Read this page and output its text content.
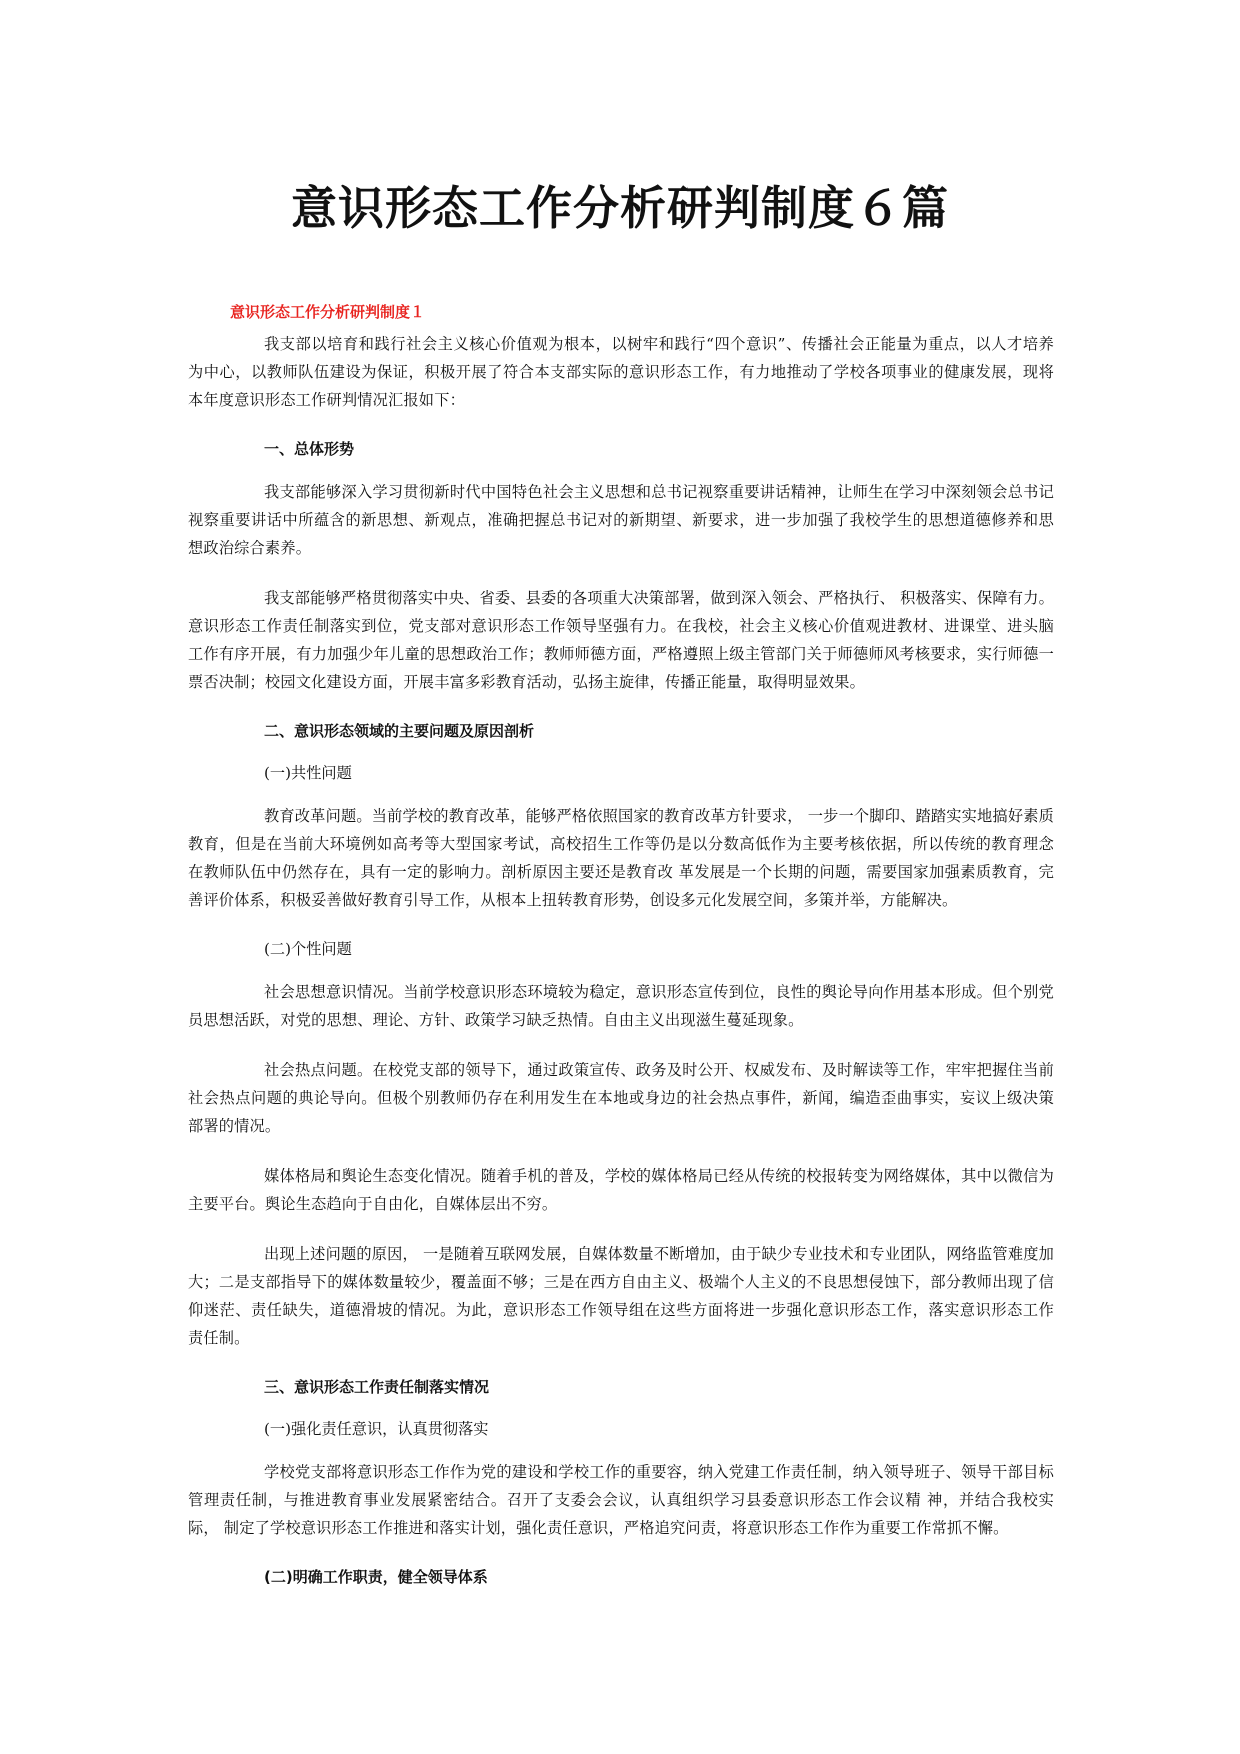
意识形态工作分析研判制度６篇
意识形态工作分析研判制度１

我支部以培育和践行社会主义核心价值观为根本，以树牢和践行“四个意识”、传播社会正能量为重点，以人才培养 为中心，以教师队伍建设为保证，积极开展了符合本支部实际的意识形态工作，有力地推动了学校各项事业的健康发展，现将 本年度意识形态工作研判情况汇报如下：

一、总体形势

我支部能够深入学习贯彻新时代中国特色社会主义思想和总书记视察重要讲话精神，让师生在学习中深刻领会总书记 视察重要讲话中所蕴含的新思想、新观点，准确把握总书记对的新期望、新要求，进一步加强了我校学生的思想道德修养和思 想政治综合素养。

我支部能够严格贯彻落实中央、省委、县委的各项重大决策部署，做到深入领会、严格执行、 积极落实、保障有力。 意识形态工作责任制落实到位，党支部对意识形态工作领导坚强有力。在我校，社会主义核心价值观进教材、进课堂、进头脑 工作有序开展，有力加强少年儿童的思想政治工作；教师师德方面，严格遵照上级主管部门关于师德师风考核要求，实行师德一 票否决制；校园文化建设方面，开展丰富多彩教育活动，弘扬主旋律，传播正能量，取得明显效果。

二、意识形态领域的主要问题及原因剖析
(一)共性问题

教育改革问题。当前学校的教育改革，能够严格依照国家的教育改革方针要求， 一步一个脚印、踏踏实实地搞好素质 教育，但是在当前大环境例如高考等大型国家考试，高校招生工作等仍是以分数高低作为主要考核依据，所以传统的教育理念 在教师队伍中仍然存在，具有一定的影响力。剖析原因主要还是教育改 革发展是一个长期的问题，需要国家加强素质教育，完 善评价体系，积极妥善做好教育引导工作，从根本上扭转教育形势，创设多元化发展空间，多策并举，方能解决。

(二)个性问题

社会思想意识情况。当前学校意识形态环境较为稳定，意识形态宣传到位，良性的舆论导向作用基本形成。但个别党 员思想活跃，对党的思想、理论、方针、政策学习缺乏热情。自由主义出现滋生蔓延现象。

社会热点问题。在校党支部的领导下，通过政策宣传、政务及时公开、权威发布、及时解读等工作，牢牢把握住当前 社会热点问题的典论导向。但极个别教师仍存在利用发生在本地或身边的社会热点事件，新闻，编造歪曲事实，妄议上级决策 部署的情况。

媒体格局和舆论生态变化情况。随着手机的普及，学校的媒体格局已经从传统的校报转变为网络媒体，其中以微信为 主要平台。舆论生态趋向于自由化，自媒体层出不穷。

出现上述问题的原因， 一是随着互联网发展，自媒体数量不断增加，由于缺少专业技术和专业团队，网络监管难度加 大；二是支部指导下的媒体数量较少，覆盖面不够；三是在西方自由主义、极端个人主义的不良思想侵蚀下，部分教师出现了信 仰迷茫、责任缺失，道德滑坡的情况。为此，意识形态工作领导组在这些方面将进一步强化意识形态工作，落实意识形态工作 责任制。

三、意识形态工作责任制落实情况
(一)强化责任意识，认真贯彻落实

学校党支部将意识形态工作作为党的建设和学校工作的重要容，纳入党建工作责任制，纳入领导班子、领导干部目标管理责任制，与推进教育事业发展紧密结合。召开了支委会会议，认真组织学习县委意识形态工作会议精 神，并结合我校实际， 制定了学校意识形态工作推进和落实计划，强化责任意识，严格追究问责，将意识形态工作作为重要工作常抓不懈。

(二)明确工作职责，健全领导体系
